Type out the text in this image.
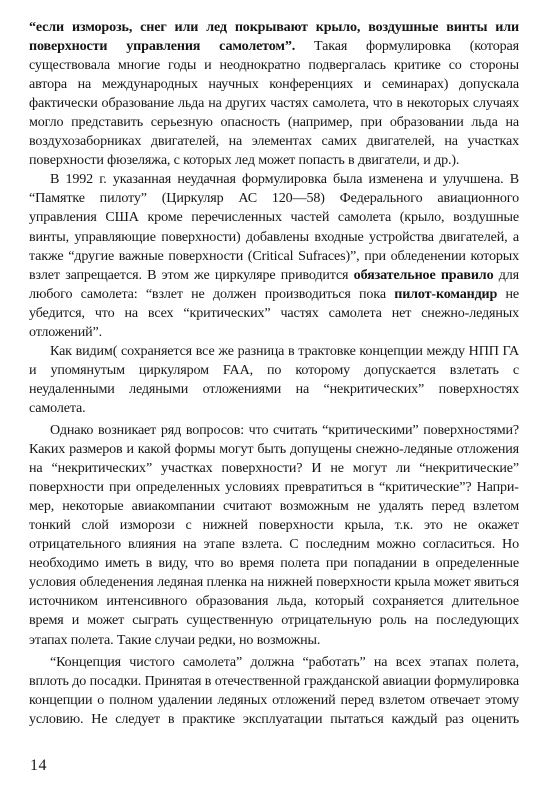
“если изморозь, снег или лед покрывают крыло, воздушные винты или поверхности управления самолетом”. Такая формулировка (которая существовала многие годы и неоднократно подвергалась критике со стороны автора на международных научных конференциях и семинарах) допускала фактически образование льда на других частях самолета, что в некоторых случаях могло представить серьезную опасность (например, при образовании льда на воздухозаборниках двигателей, на элементах самих двигателей, на участках поверхности фюзеляжа, с которых лед может попасть в двигатели, и др.).

В 1992 г. указанная неудачная формулировка была изменена и улучшена. В “Памятке пилоту” (Циркуляр АС 120—58) Федерального авиационного управления США кроме перечисленных частей самолета (крыло, воздушные винты, управляющие поверхности) добавлены входные устройства двигателей, а также “другие важные поверхности (Critical Sufraces)”, при обледенении которых взлет запрещается. В этом же циркуляре приводится обязательное правило для любого самолета: “взлет не должен производиться пока пилот-командир не убедится, что на всех “критических” частях самолета нет снежно-ледяных отложений”.

Как видим( сохраняется все же разница в трактовке концепции между НПП ГА и упомянутым циркуляром FAA, по которому допускается взлетать с неудаленными ледяными отложениями на “некритических” поверхностях самолета.

Однако возникает ряд вопросов: что считать “критическими” поверхностями? Каких размеров и какой формы могут быть допущены снежно-ледяные отложения на “некритических” участках поверхности? И не могут ли “некритические” поверхности при определенных условиях превратиться в “критические”? Например, некоторые авиакомпании считают возможным не удалять перед взлетом тонкий слой изморози с нижней поверхности крыла, т.к. это не окажет отрицательного влияния на этапе взлета. С последним можно согласиться. Но необходимо иметь в виду, что во время полета при попадании в определенные условия обледенения ледяная пленка на нижней поверхности крыла может явиться источником интенсивного образования льда, который сохраняется длительное время и может сыграть существенную отрицательную роль на последующих этапах полета. Такие случаи редки, но возможны.

“Концепция чистого самолета” должна “работать” на всех этапах полета, вплоть до посадки. Принятая в отечественной гражданской авиации формулировка концепции о полном удалении ледяных отложений перед взлетом отвечает этому условию. Не следует в практике эксплуатации пытаться каждый раз оценить

14
